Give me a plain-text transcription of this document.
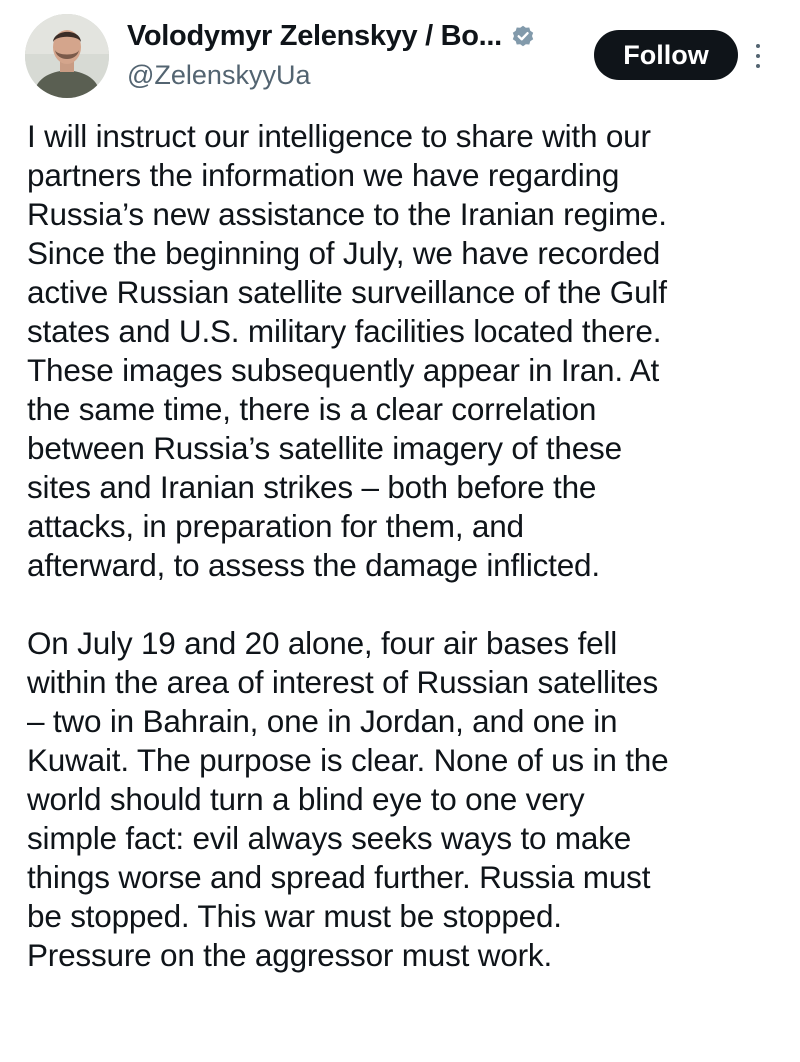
Volodymyr Zelenskyy / Bo...
@ZelenskyyUa
Follow

I will instruct our intelligence to share with our
partners the information we have regarding
Russia’s new assistance to the Iranian regime.
Since the beginning of July, we have recorded
active Russian satellite surveillance of the Gulf
states and U.S. military facilities located there.
These images subsequently appear in Iran. At
the same time, there is a clear correlation
between Russia’s satellite imagery of these
sites and Iranian strikes – both before the
attacks, in preparation for them, and
afterward, to assess the damage inflicted.

On July 19 and 20 alone, four air bases fell
within the area of interest of Russian satellites
– two in Bahrain, one in Jordan, and one in
Kuwait. The purpose is clear. None of us in the
world should turn a blind eye to one very
simple fact: evil always seeks ways to make
things worse and spread further. Russia must
be stopped. This war must be stopped.
Pressure on the aggressor must work.
